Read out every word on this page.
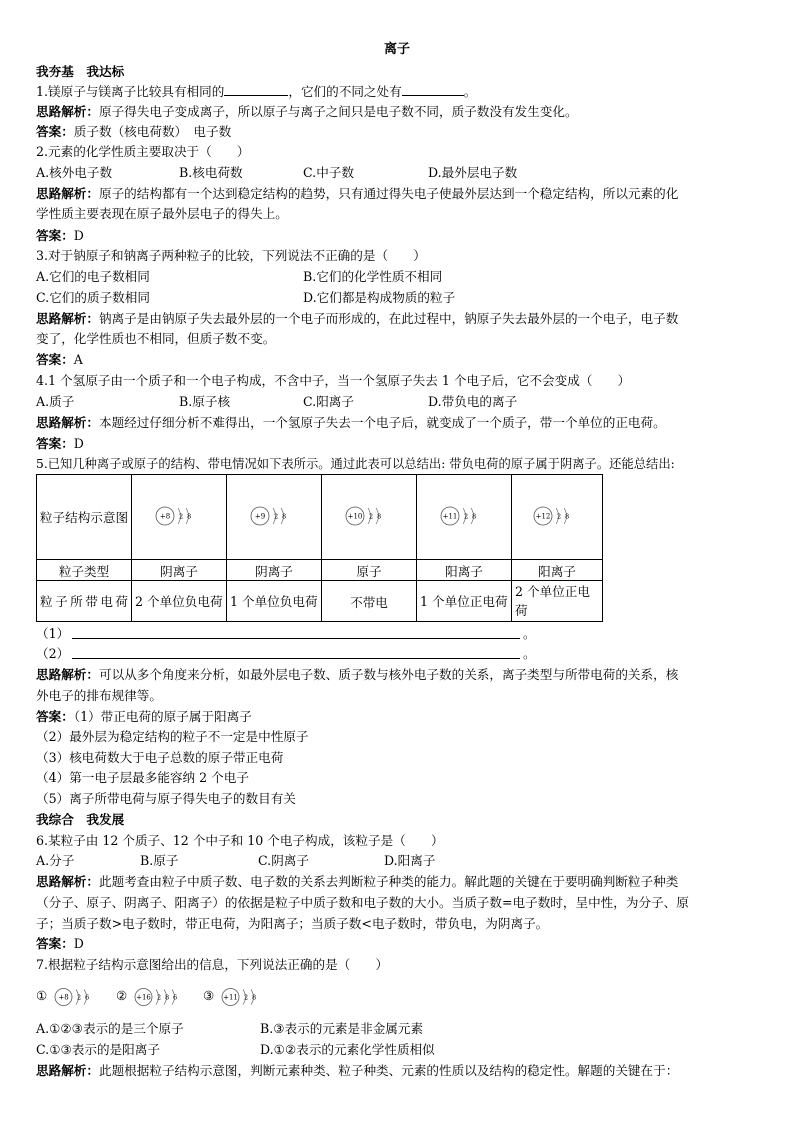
离子
我夯基　我达标
1.镁原子与镁离子比较具有相同的	，它们的不同之处有	。
思路解析：原子得失电子变成离子，所以原子与离子之间只是电子数不同，质子数没有发生变化。
答案：质子数（核电荷数）　电子数
2.元素的化学性质主要取决于（　　）
A.核外电子数	B.核电荷数	C.中子数	D.最外层电子数
思路解析：原子的结构都有一个达到稳定结构的趋势，只有通过得失电子使最外层达到一个稳定结构，所以元素的化
学性质主要表现在原子最外层电子的得失上。
答案：D
3.对于钠原子和钠离子两种粒子的比较，下列说法不正确的是（　　）
A.它们的电子数相同	B.它们的化学性质不相同
C.它们的质子数相同	D.它们都是构成物质的粒子
思路解析：钠离子是由钠原子失去最外层的一个电子而形成的，在此过程中，钠原子失去最外层的一个电子，电子数
变了，化学性质也不相同，但质子数不变。
答案：A
4.1 个氢原子由一个质子和一个电子构成，不含中子，当一个氢原子失去 1 个电子后，它不会变成（　　）
A.质子	B.原子核	C.阳离子	D.带负电的离子
思路解析：本题经过仔细分析不难得出，一个氢原子失去一个电子后，就变成了一个质子，带一个单位的正电荷。
答案：D
5.已知几种离子或原子的结构、带电情况如下表所示。通过此表可以总结出: 带负电荷的原子属于阴离子。还能总结出:
粒子结构示意图	+8 2 8	+9 2 8	+10 2 8	+11 2 8	+12 2 8

粒子类型	阴离子	阴离子	原子	阳离子	阳离子

粒子所带电荷	2 个单位负电荷	1 个单位负电荷	不带电	1 个单位正电荷	2 个单位正电荷
（1）	。
（2）	。
思路解析：可以从多个角度来分析，如最外层电子数、质子数与核外电子数的关系，离子类型与所带电荷的关系，核
外电子的排布规律等。
答案：（1）带正电荷的原子属于阳离子
（2）最外层为稳定结构的粒子不一定是中性原子
（3）核电荷数大于电子总数的原子带正电荷
（4）第一电子层最多能容纳 2 个电子
（5）离子所带电荷与原子得失电子的数目有关
我综合　我发展
6.某粒子由 12 个质子、12 个中子和 10 个电子构成，该粒子是（　　）
A.分子	B.原子	C.阴离子	D.阳离子
思路解析：此题考查由粒子中质子数、电子数的关系去判断粒子种类的能力。解此题的关键在于要明确判断粒子种类
（分子、原子、阴离子、阳离子）的依据是粒子中质子数和电子数的大小。当质子数=电子数时，呈中性，为分子、原
子；当质子数>电子数时，带正电荷，为阳离子；当质子数<电子数时，带负电，为阴离子。
答案：D
7.根据粒子结构示意图给出的信息，下列说法正确的是（　　）
① +8 2 6 ② +16 2 8 6 ③ +11 2 8
A.①②③表示的是三个原子	B.③表示的元素是非金属元素
C.①③表示的是阳离子	D.①②表示的元素化学性质相似
思路解析：此题根据粒子结构示意图，判断元素种类、粒子种类、元素的性质以及结构的稳定性。解题的关键在于：
